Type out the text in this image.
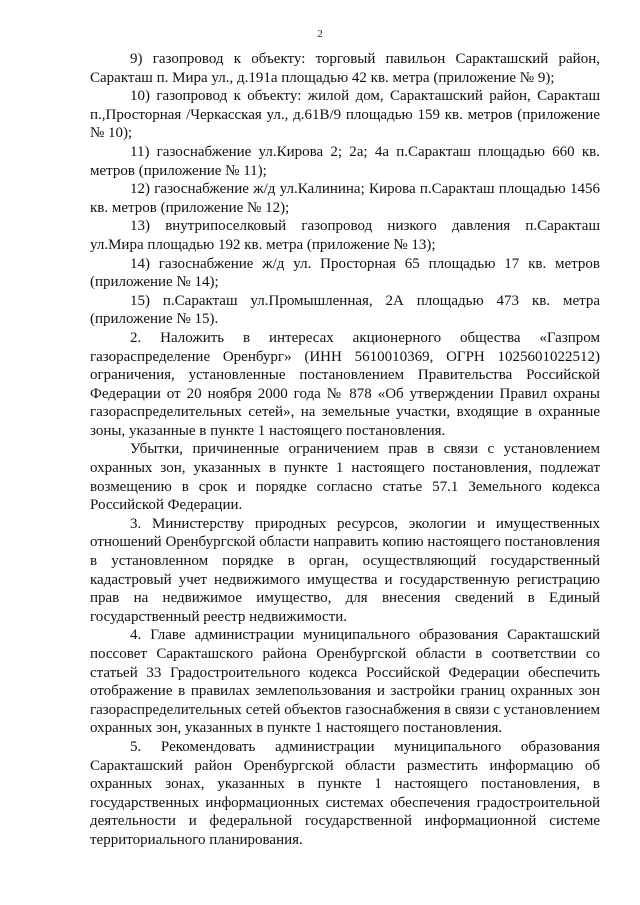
2

9) газопровод к объекту: торговый павильон Саракташский район, Саракташ п. Мира ул., д.191а площадью 42 кв. метра (приложение № 9);

10) газопровод к объекту: жилой дом, Саракташский район, Саракташ п.,Просторная /Черкасская ул., д.61В/9 площадью 159 кв. метров (приложение № 10);

11) газоснабжение ул.Кирова 2; 2а; 4а п.Саракташ площадью 660 кв. метров (приложение № 11);

12) газоснабжение ж/д ул.Калинина; Кирова п.Саракташ площадью 1456 кв. метров (приложение № 12);

13) внутрипоселковый газопровод низкого давления п.Саракташ ул.Мира площадью 192 кв. метра (приложение № 13);

14) газоснабжение ж/д ул. Просторная 65 площадью 17 кв. метров (приложение № 14);

15) п.Саракташ ул.Промышленная, 2А площадью 473 кв. метра (приложение № 15).

2. Наложить в интересах акционерного общества «Газпром газораспределение Оренбург» (ИНН 5610010369, ОГРН 1025601022512) ограничения, установленные постановлением Правительства Российской Федерации от 20 ноября 2000 года № 878 «Об утверждении Правил охраны газораспределительных сетей», на земельные участки, входящие в охранные зоны, указанные в пункте 1 настоящего постановления.

Убытки, причиненные ограничением прав в связи с установлением охранных зон, указанных в пункте 1 настоящего постановления, подлежат возмещению в срок и порядке согласно статье 57.1 Земельного кодекса Российской Федерации.

3. Министерству природных ресурсов, экологии и имущественных отношений Оренбургской области направить копию настоящего постановления в установленном порядке в орган, осуществляющий государственный кадастровый учет недвижимого имущества и государственную регистрацию прав на недвижимое имущество, для внесения сведений в Единый государственный реестр недвижимости.

4. Главе администрации муниципального образования Саракташский поссовет Саракташского района Оренбургской области в соответствии со статьей 33 Градостроительного кодекса Российской Федерации обеспечить отображение в правилах землепользования и застройки границ охранных зон газораспределительных сетей объектов газоснабжения в связи с установлением охранных зон, указанных в пункте 1 настоящего постановления.

5. Рекомендовать администрации муниципального образования Саракташский район Оренбургской области разместить информацию об охранных зонах, указанных в пункте 1 настоящего постановления, в государственных информационных системах обеспечения градостроительной деятельности и федеральной государственной информационной системе территориального планирования.
